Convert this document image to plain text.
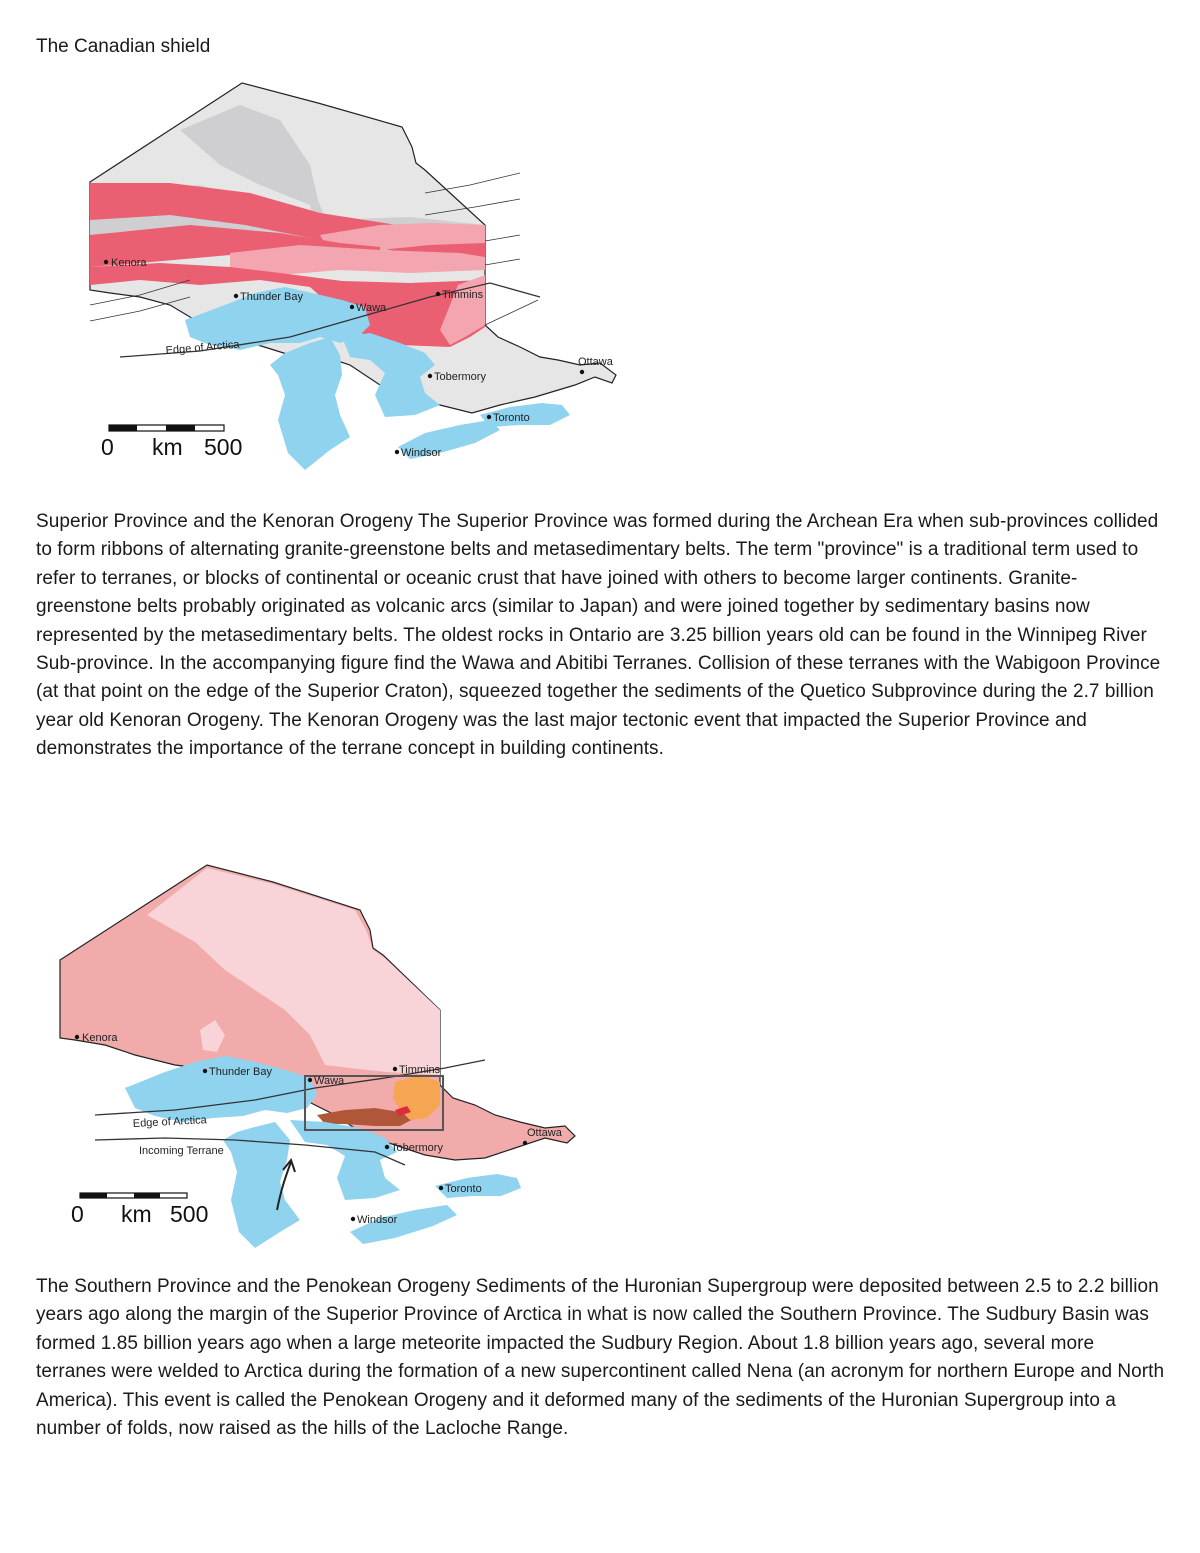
The Canadian shield
Kenora
Thunder Bay
Wawa
Timmins
Ottawa
Tobermory
Toronto
Windsor
Edge of Arctica
0 km 500
Superior Province and the Kenoran Orogeny The Superior Province was formed during the Archean Era when sub-provinces collided to form ribbons of alternating granite-greenstone belts and metasedimentary belts. The term "province" is a traditional term used to refer to terranes, or blocks of continental or oceanic crust that have joined with others to become larger continents. Granite-greenstone belts probably originated as volcanic arcs (similar to Japan) and were joined together by sedimentary basins now represented by the metasedimentary belts. The oldest rocks in Ontario are 3.25 billion years old can be found in the Winnipeg River Sub-province. In the accompanying figure find the Wawa and Abitibi Terranes. Collision of these terranes with the Wabigoon Province (at that point on the edge of the Superior Craton), squeezed together the sediments of the Quetico Subprovince during the 2.7 billion year old Kenoran Orogeny. The Kenoran Orogeny was the last major tectonic event that impacted the Superior Province and demonstrates the importance of the terrane concept in building continents.
Kenora
Thunder Bay
Wawa
Timmins
Ottawa
Tobermory
Toronto
Windsor
Edge of Arctica
Incoming Terrane
0 km 500
The Southern Province and the Penokean Orogeny Sediments of the Huronian Supergroup were deposited between 2.5 to 2.2 billion years ago along the margin of the Superior Province of Arctica in what is now called the Southern Province. The Sudbury Basin was formed 1.85 billion years ago when a large meteorite impacted the Sudbury Region. About 1.8 billion years ago, several more terranes were welded to Arctica during the formation of a new supercontinent called Nena (an acronym for northern Europe and North America). This event is called the Penokean Orogeny and it deformed many of the sediments of the Huronian Supergroup into a number of folds, now raised as the hills of the Lacloche Range.
